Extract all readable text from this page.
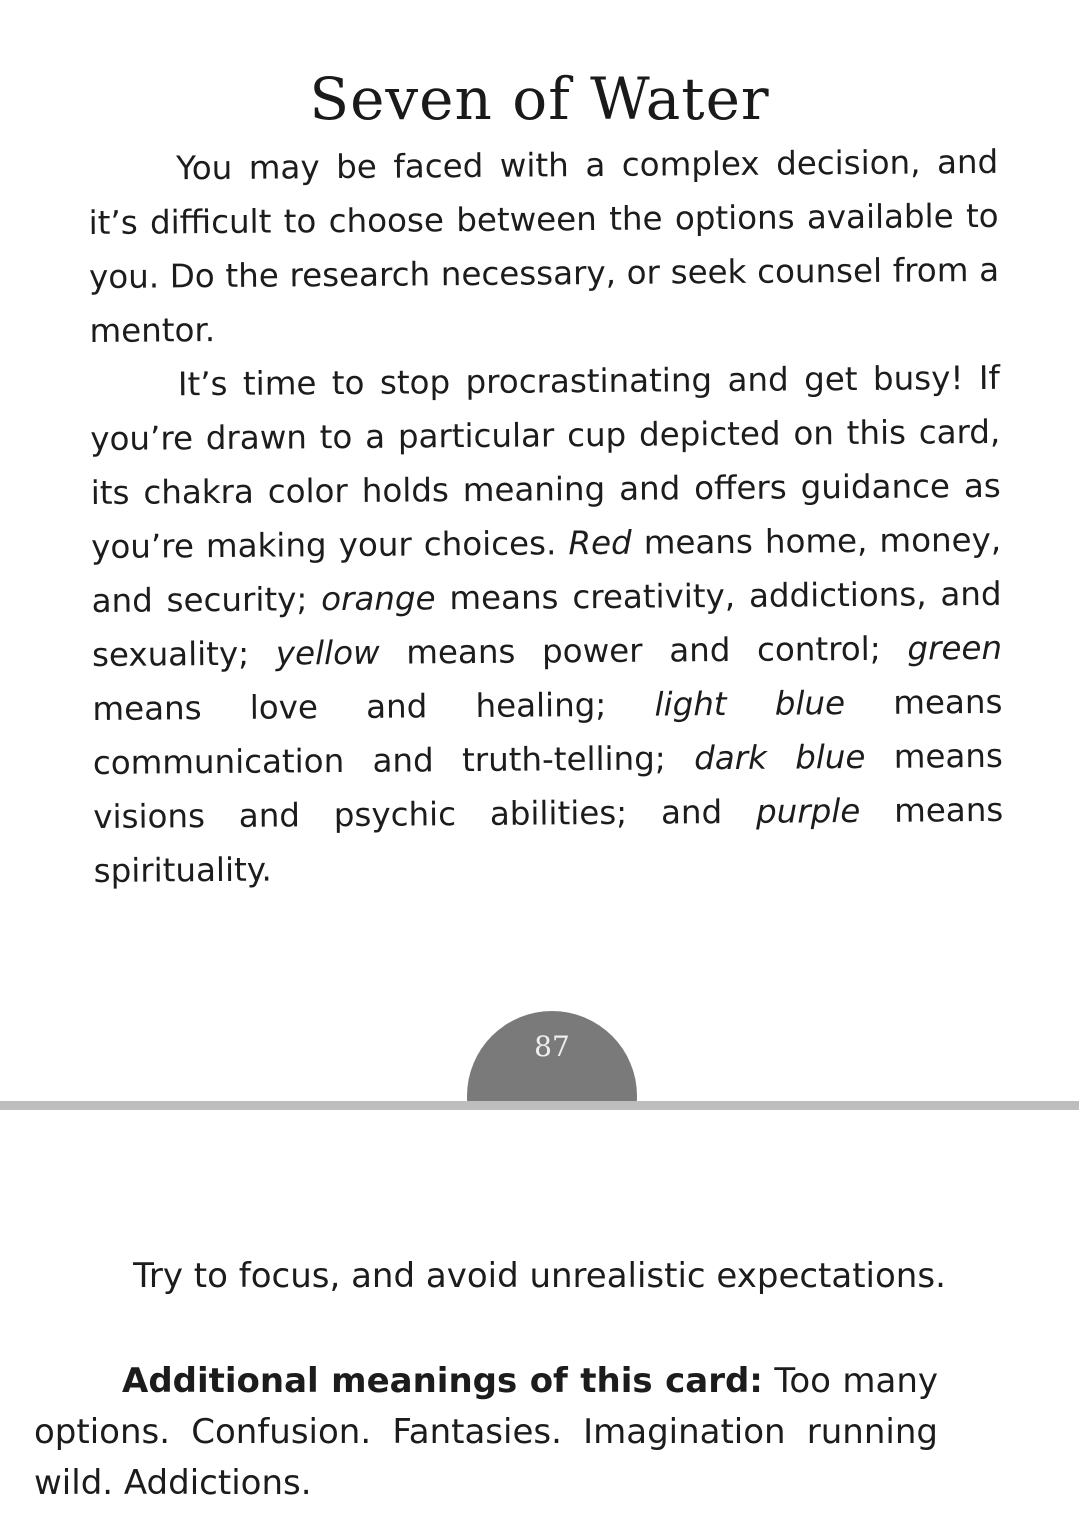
Seven of Water

You may be faced with a complex decision, and it’s difficult to choose between the options available to you. Do the research necessary, or seek counsel from a mentor.

It’s time to stop procrastinating and get busy! If you’re drawn to a particular cup depicted on this card, its chakra color holds meaning and offers guidance as you’re making your choices. Red means home, money, and security; orange means creativity, addictions, and sexuality; yellow means power and control; green means love and healing; light blue means communication and truth-telling; dark blue means visions and psychic abilities; and purple means spirituality.

87
Try to focus, and avoid unrealistic expectations.

Additional meanings of this card: Too many options. Confusion. Fantasies. Imagination running wild. Addictions.
